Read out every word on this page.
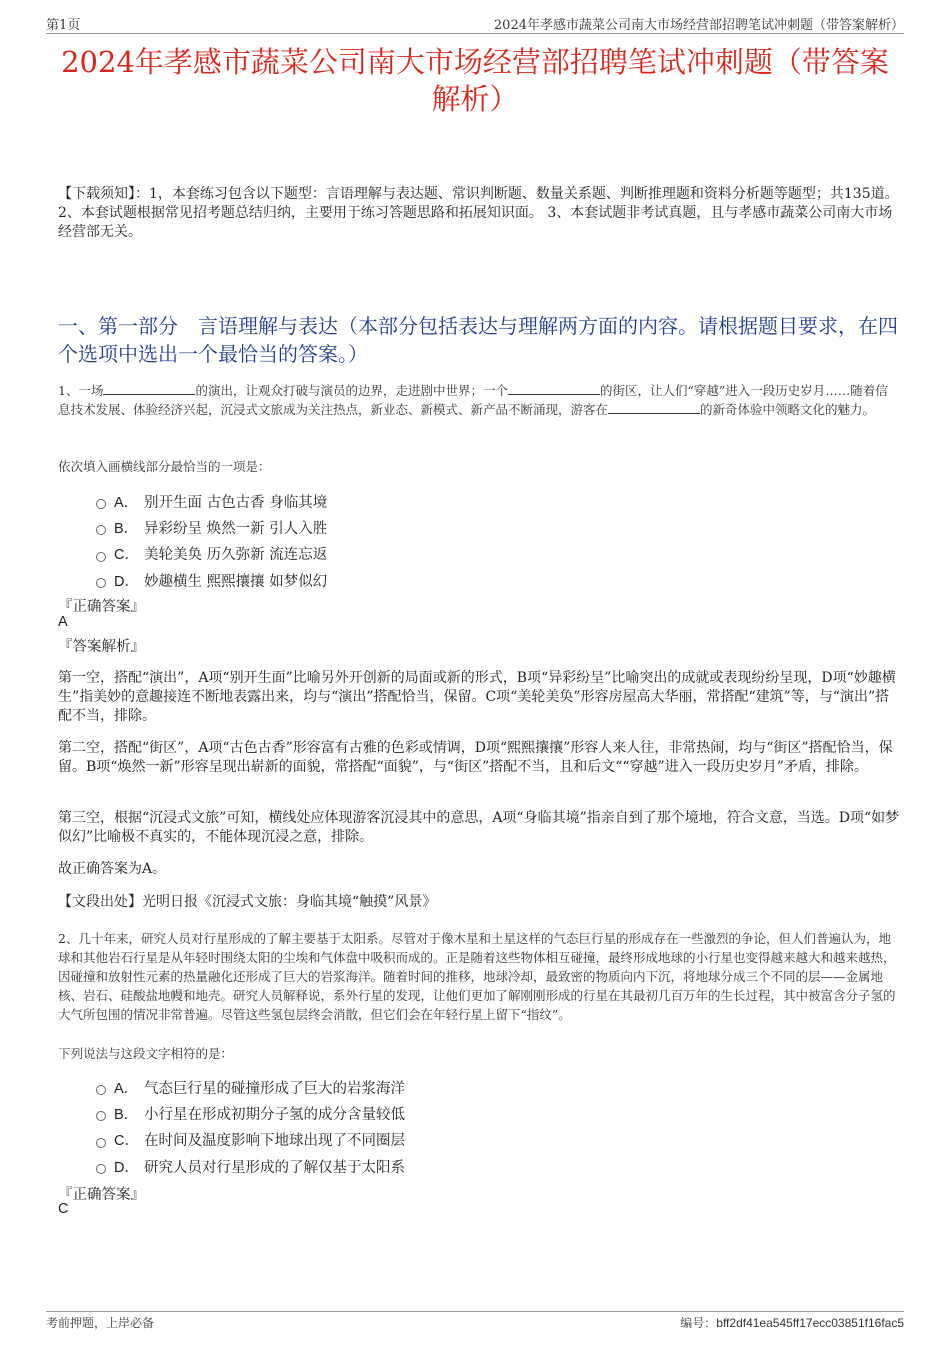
第1页	2024年孝感市蔬菜公司南大市场经营部招聘笔试冲刺题（带答案解析）
2024年孝感市蔬菜公司南大市场经营部招聘笔试冲刺题（带答案解析）
【下载须知】：1，本套练习包含以下题型：言语理解与表达题、常识判断题、数量关系题、判断推理题和资料分析题等题型；共135道。 2、本套试题根据常见招考题总结归纳，主要用于练习答题思路和拓展知识面。 3、本套试题非考试真题，且与孝感市蔬菜公司南大市场经营部无关。
一、第一部分　言语理解与表达（本部分包括表达与理解两方面的内容。请根据题目要求，在四个选项中选出一个最恰当的答案。）
1、一场	的演出，让观众打破与演员的边界，走进剧中世界；一个	的街区，让人们“穿越”进入一段历史岁月……随着信息技术发展、体验经济兴起，沉浸式文旅成为关注热点，新业态、新模式、新产品不断涌现，游客在	的新奇体验中领略文化的魅力。
依次填入画横线部分最恰当的一项是：
A． 别开生面 古色古香 身临其境
B． 异彩纷呈 焕然一新 引人入胜
C． 美轮美奂 历久弥新 流连忘返
D． 妙趣横生 熙熙攘攘 如梦似幻
『正确答案』
A
『答案解析』
第一空，搭配“演出”，A项“别开生面”比喻另外开创新的局面或新的形式，B项“异彩纷呈”比喻突出的成就或表现纷纷呈现，D项“妙趣横生”指美妙的意趣接连不断地表露出来，均与“演出”搭配恰当，保留。C项“美轮美奂”形容房屋高大华丽，常搭配“建筑”等，与“演出”搭配不当，排除。
第二空，搭配“街区”，A项“古色古香”形容富有古雅的色彩或情调，D项“熙熙攘攘”形容人来人往，非常热闹，均与“街区”搭配恰当，保留。B项“焕然一新”形容呈现出崭新的面貌，常搭配“面貌”，与“街区”搭配不当，且和后文““穿越”进入一段历史岁月”矛盾，排除。
第三空，根据“沉浸式文旅”可知，横线处应体现游客沉浸其中的意思，A项“身临其境”指亲自到了那个境地，符合文意，当选。D项“如梦似幻”比喻极不真实的，不能体现沉浸之意，排除。
故正确答案为A。
【文段出处】光明日报《沉浸式文旅：身临其境“触摸”风景》
2、几十年来，研究人员对行星形成的了解主要基于太阳系。尽管对于像木星和土星这样的气态巨行星的形成存在一些激烈的争论，但人们普遍认为，地球和其他岩石行星是从年轻时围绕太阳的尘埃和气体盘中吸积而成的。正是随着这些物体相互碰撞，最终形成地球的小行星也变得越来越大和越来越热，因碰撞和放射性元素的热量融化还形成了巨大的岩浆海洋。随着时间的推移，地球冷却，最致密的物质向内下沉，将地球分成三个不同的层——金属地核、岩石、硅酸盐地幔和地壳。研究人员解释说，系外行星的发现，让他们更加了解刚刚形成的行星在其最初几百万年的生长过程，其中被富含分子氢的大气所包围的情况非常普遍。尽管这些氢包层终会消散，但它们会在年轻行星上留下“指纹”。
下列说法与这段文字相符的是：
A． 气态巨行星的碰撞形成了巨大的岩浆海洋
B． 小行星在形成初期分子氢的成分含量较低
C． 在时间及温度影响下地球出现了不同圈层
D． 研究人员对行星形成的了解仅基于太阳系
『正确答案』
C
考前押题，上岸必备	编号：bff2df41ea545ff17ecc03851f16fac5
